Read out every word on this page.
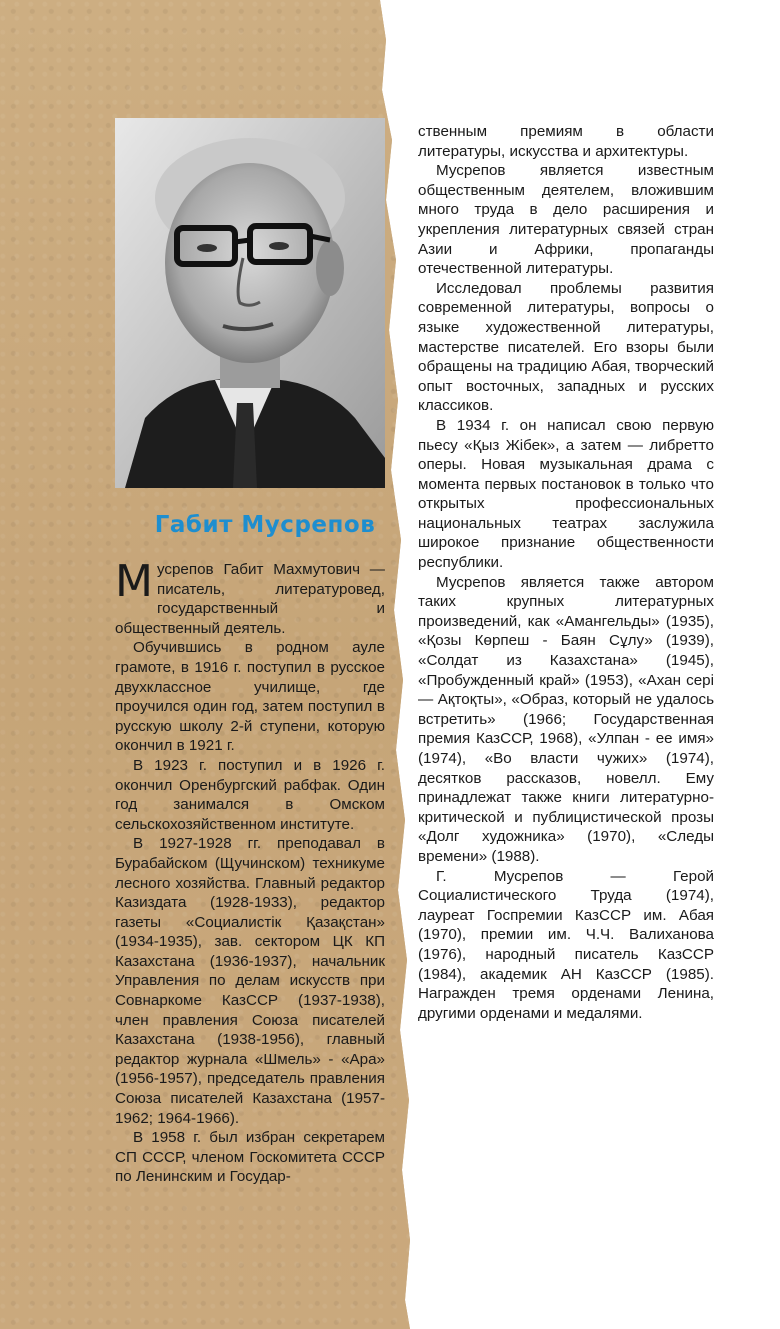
Габит Мусрепов

Мусрепов Габит Махмутович — писатель, литературовед, государственный и общественный деятель.

Обучившись в родном ауле грамоте, в 1916 г. поступил в русское двухклассное училище, где проучился один год, затем поступил в русскую школу 2-й ступени, которую окончил в 1921 г.

В 1923 г. поступил и в 1926 г. окончил Оренбургский рабфак. Один год занимался в Омском сельскохозяйственном институте.

В 1927-1928 гг. преподавал в Бурабайском (Щучинском) техникуме лесного хозяйства. Главный редактор Казиздата (1928-1933), редактор газеты «Социалистік Қазақстан» (1934-1935), зав. сектором ЦК КП Казахстана (1936-1937), начальник Управления по делам искусств при Совнаркоме КазССР (1937-1938), член правления Союза писателей Казахстана (1938-1956), главный редактор журнала «Шмель» - «Ара» (1956-1957), председатель правления Союза писателей Казахстана (1957-1962; 1964-1966).

В 1958 г. был избран секретарем СП СССР, членом Госкомитета СССР по Ленинским и Государ-

ственным премиям в области литературы, искусства и архитектуры.

Мусрепов является известным общественным деятелем, вложившим много труда в дело расширения и укрепления литературных связей стран Азии и Африки, пропаганды отечественной литературы.

Исследовал проблемы развития современной литературы, вопросы о языке художественной литературы, мастерстве писателей. Его взоры были обращены на традицию Абая, творческий опыт восточных, западных и русских классиков.

В 1934 г. он написал свою первую пьесу «Қыз Жібек», а затем — либретто оперы. Новая музыкальная драма с момента первых постановок в только что открытых профессиональных национальных театрах заслужила широкое признание общественности республики.

Мусрепов является также автором таких крупных литературных произведений, как «Амангельды» (1935), «Қозы Көрпеш - Баян Сұлу» (1939), «Солдат из Казахстана» (1945), «Пробужденный край» (1953), «Ахан сері — Ақтоқты», «Образ, который не удалось встретить» (1966; Государственная премия КазССР, 1968), «Улпан - ее имя» (1974), «Во власти чужих» (1974), десятков рассказов, новелл. Ему принадлежат также книги литературно-критической и публицистической прозы «Долг художника» (1970), «Следы времени» (1988).

Г. Мусрепов — Герой Социалистического Труда (1974), лауреат Госпремии КазССР им. Абая (1970), премии им. Ч.Ч. Валиханова (1976), народный писатель КазССР (1984), академик АН КазССР (1985). Награжден тремя орденами Ленина, другими орденами и медалями.
